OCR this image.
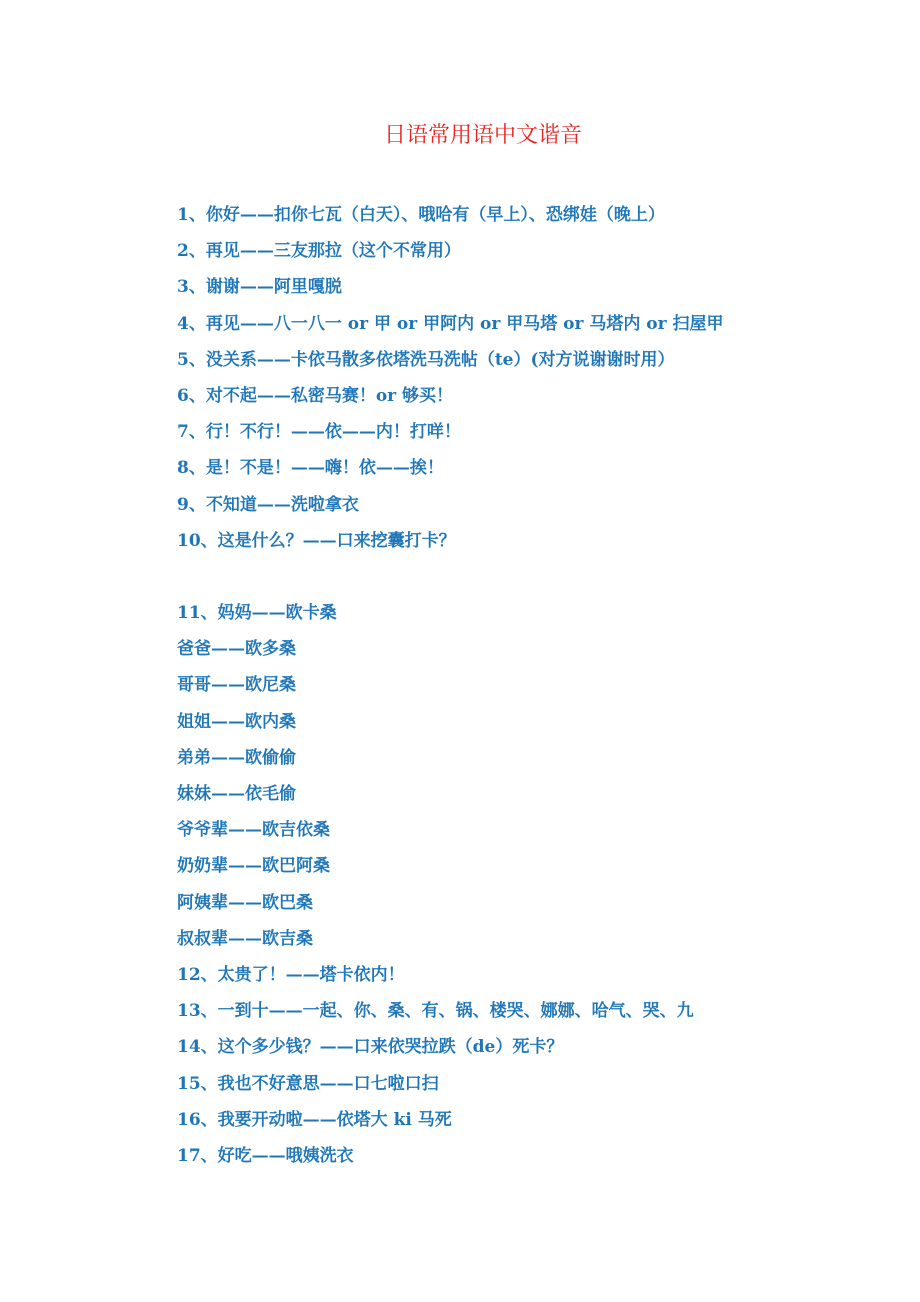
日语常用语中文谐音
1、你好——扣你七瓦（白天）、哦哈有（早上）、恐绑娃（晚上）
2、再见——三友那拉（这个不常用）
3、谢谢——阿里嘎脱
4、再见——八一八一 or 甲 or 甲阿内 or 甲马塔 or 马塔内 or 扫屋甲
5、没关系——卡依马散多依塔洗马洗帖（te）(对方说谢谢时用）
6、对不起——私密马赛！or 够买！
7、行！不行！——依——内！打咩！
8、是！不是！——嗨！依——挨！
9、不知道——洗啦拿衣
10、这是什么？——口来挖囊打卡？
11、妈妈——欧卡桑
爸爸——欧多桑
哥哥——欧尼桑
姐姐——欧内桑
弟弟——欧偷偷
妹妹——依毛偷
爷爷辈——欧吉依桑
奶奶辈——欧巴阿桑
阿姨辈——欧巴桑
叔叔辈——欧吉桑
12、太贵了！——塔卡依内！
13、一到十——一起、你、桑、有、锅、楼哭、娜娜、哈气、哭、九
14、这个多少钱？——口来依哭拉跌（de）死卡？
15、我也不好意思——口七啦口扫
16、我要开动啦——依塔大 ki 马死
17、好吃——哦姨洗衣
